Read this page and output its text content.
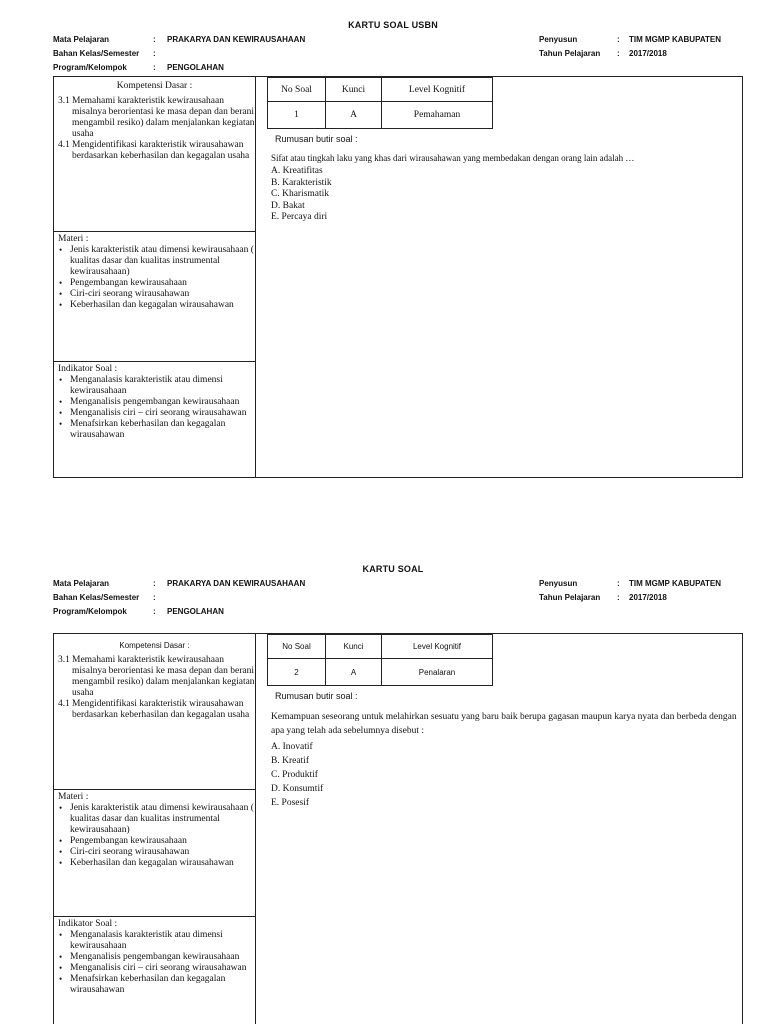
KARTU SOAL USBN
Mata Pelajaran	: PRAKARYA DAN KEWIRAUSAHAAN
Bahan Kelas/Semester :
Program/Kelompok	: PENGOLAHAN
Penyusun	: TIM MGMP KABUPATEN
Tahun Pelajaran : 2017/2018
Kompetensi Dasar :
3.1 Memahami karakteristik kewirausahaan misalnya berorientasi ke masa depan dan berani mengambil resiko) dalam menjalankan kegiatan usaha
4.1 Mengidentifikasi karakteristik wirausahawan berdasarkan keberhasilan dan kegagalan usaha
Materi :
• Jenis karakteristik atau dimensi kewirausahaan ( kualitas dasar dan kualitas instrumental kewirausahaan)
• Pengembangan kewirausahaan
• Ciri-ciri seorang wirausahawan
• Keberhasilan dan kegagalan wirausahawan
Indikator Soal :
• Menganalasis karakteristik atau dimensi kewirausahaan
• Menganalisis pengembangan kewirausahaan
• Menganalisis ciri – ciri seorang wirausahawan
• Menafsirkan keberhasilan dan kegagalan wirausahawan
No Soal	Kunci	Level Kognitif
1	A	Pemahaman
Rumusan butir soal :
Sifat atau tingkah laku yang khas dari wirausahawan yang membedakan dengan orang lain adalah …
A. Kreatifitas
B. Karakteristik
C. Kharismatik
D. Bakat
E. Percaya diri
KARTU SOAL
Mata Pelajaran	: PRAKARYA DAN KEWIRAUSAHAAN
Bahan Kelas/Semester :
Program/Kelompok	: PENGOLAHAN
Penyusun	: TIM MGMP KABUPATEN
Tahun Pelajaran : 2017/2018
Kompetensi Dasar :
3.1 Memahami karakteristik kewirausahaan misalnya berorientasi ke masa depan dan berani mengambil resiko) dalam menjalankan kegiatan usaha
4.1 Mengidentifikasi karakteristik wirausahawan berdasarkan keberhasilan dan kegagalan usaha
Materi :
• Jenis karakteristik atau dimensi kewirausahaan ( kualitas dasar dan kualitas instrumental kewirausahaan)
• Pengembangan kewirausahaan
• Ciri-ciri seorang wirausahawan
• Keberhasilan dan kegagalan wirausahawan
Indikator Soal :
• Menganalasis karakteristik atau dimensi kewirausahaan
• Menganalisis pengembangan kewirausahaan
• Menganalisis ciri – ciri seorang wirausahawan
• Menafsirkan keberhasilan dan kegagalan wirausahawan
No Soal	Kunci	Level Kognitif
2	A	Penalaran
Rumusan butir soal :
Kemampuan seseorang untuk melahirkan sesuatu yang baru baik berupa gagasan maupun karya nyata dan berbeda dengan apa yang telah ada sebelumnya disebut :
A. Inovatif
B. Kreatif
C. Produktif
D. Konsumtif
E. Posesif
